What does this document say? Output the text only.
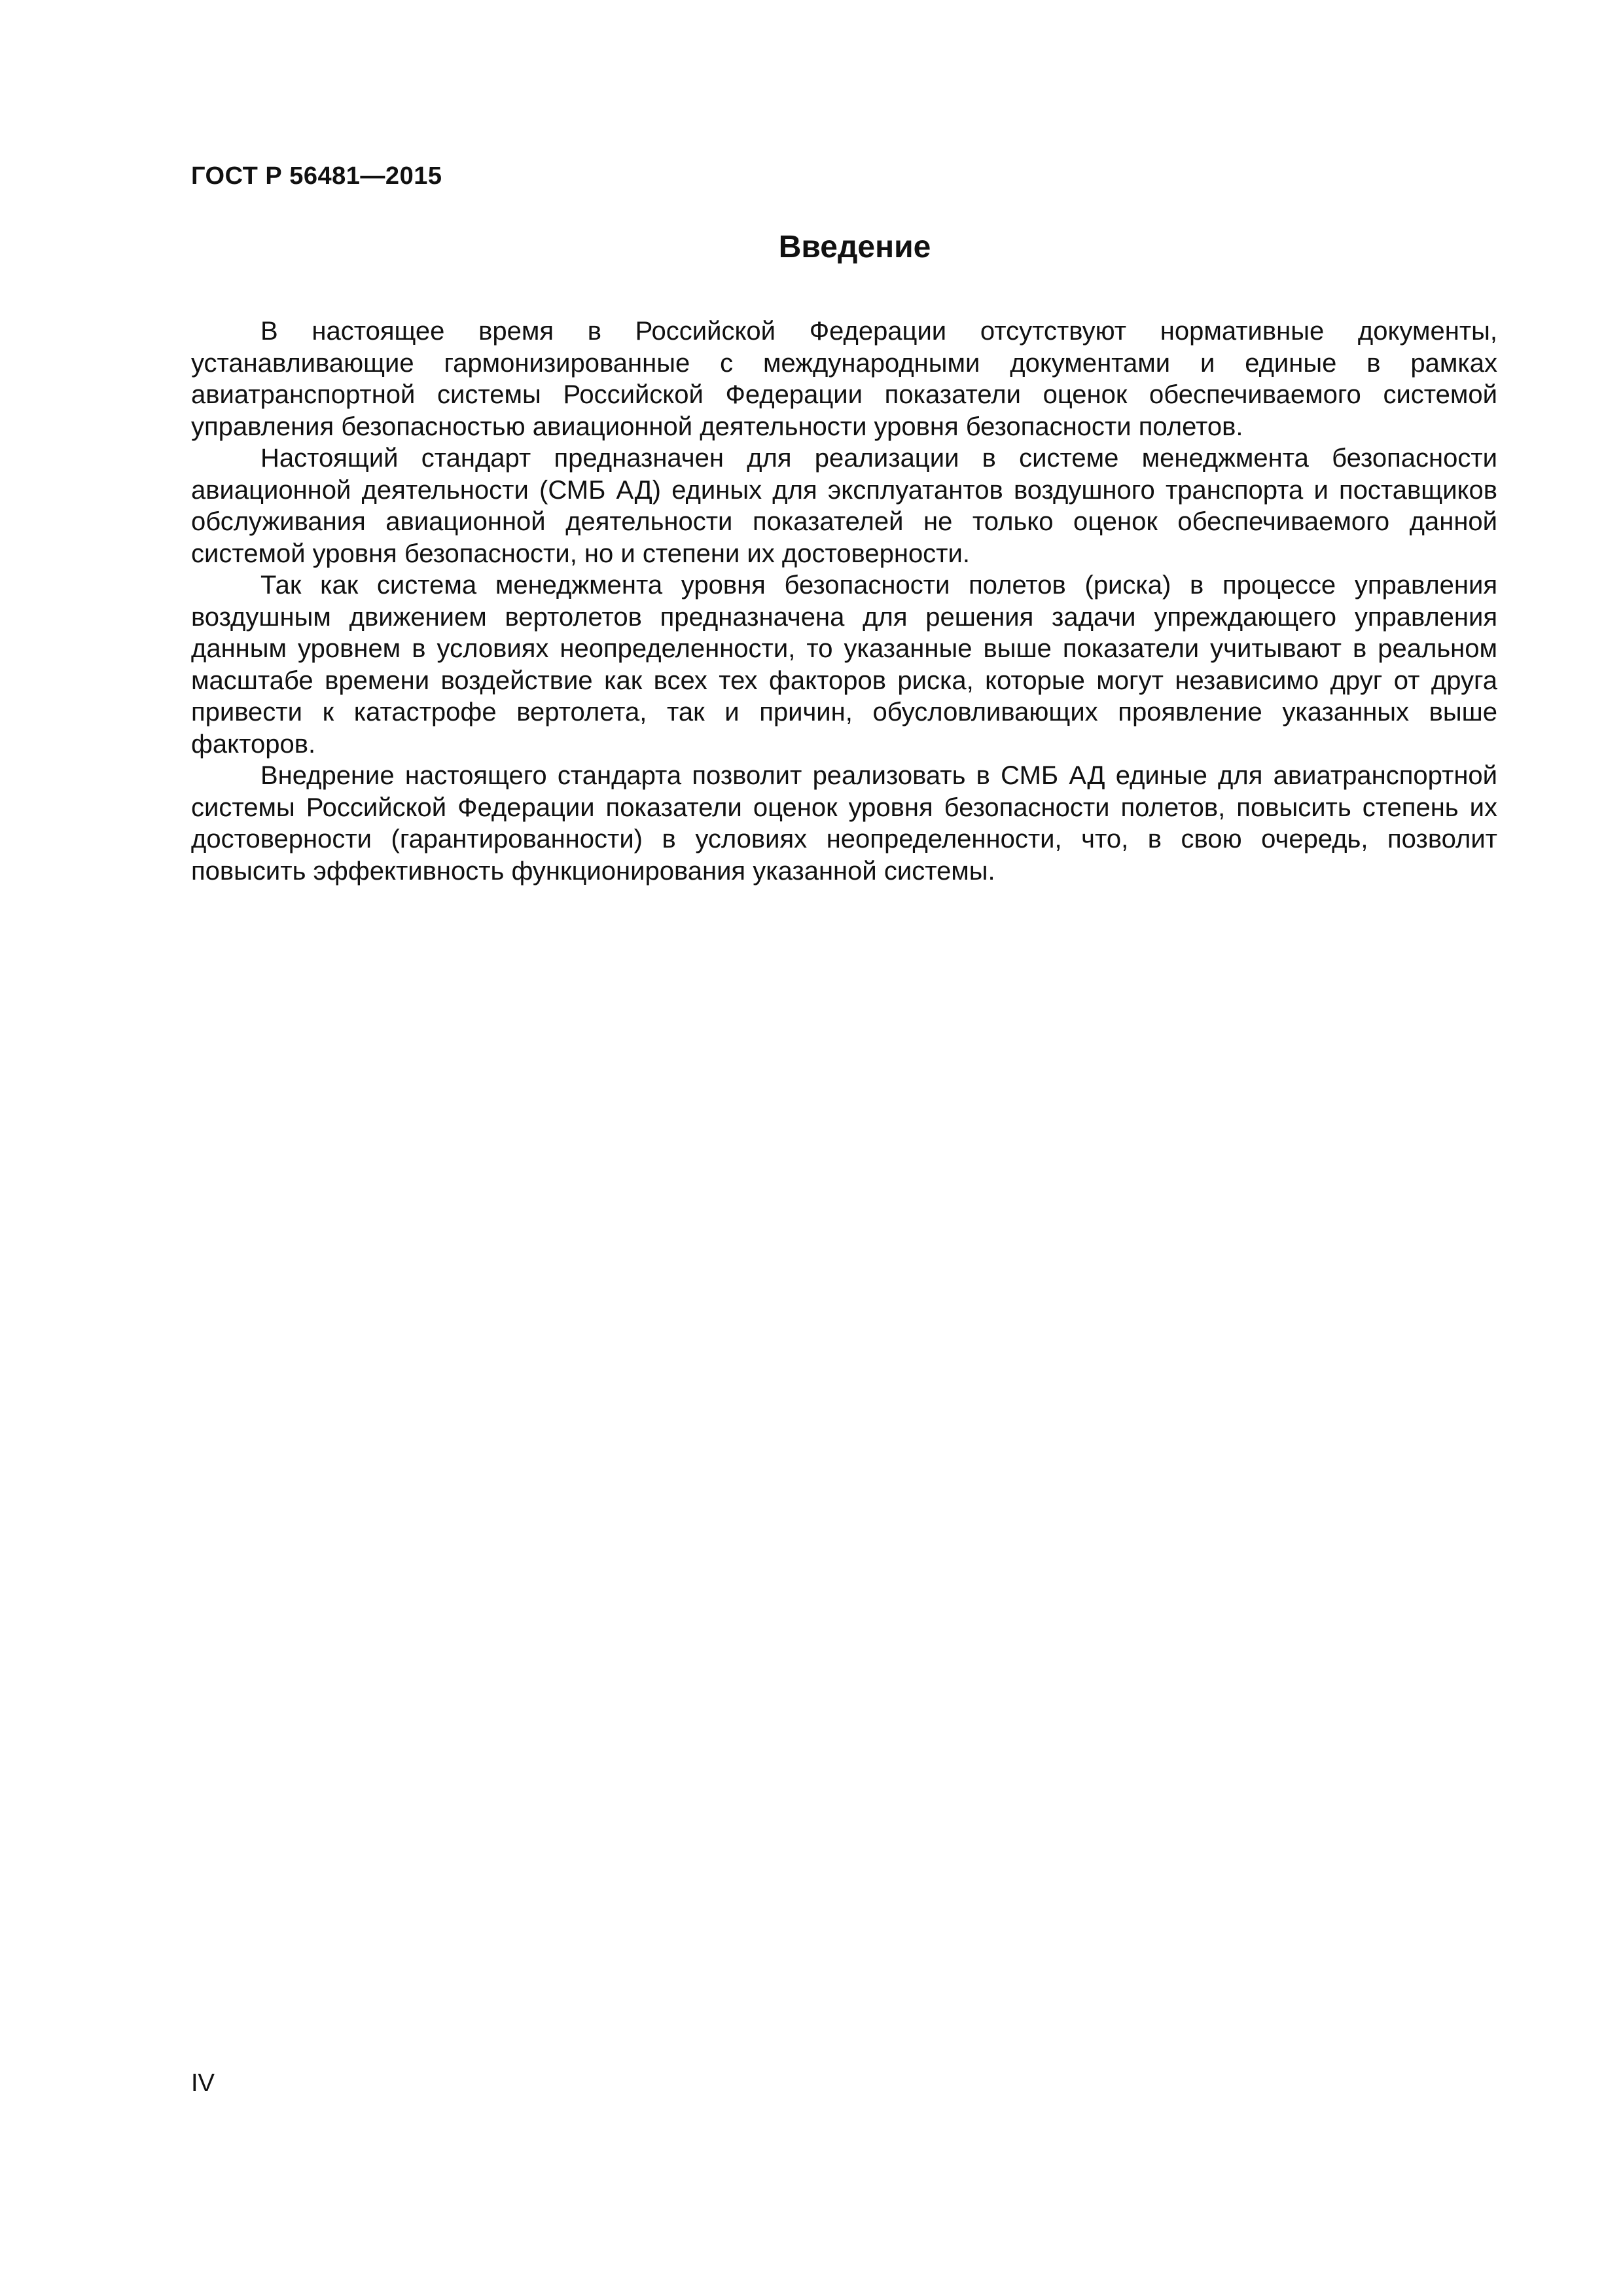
ГОСТ Р 56481—2015
Введение

В настоящее время в Российской Федерации отсутствуют нормативные документы, устанавливающие гармонизированные с международными документами и единые в рамках авиатранспортной системы Российской Федерации показатели оценок обеспечиваемого системой управления безопасностью авиационной деятельности уровня безопасности полетов.

Настоящий стандарт предназначен для реализации в системе менеджмента безопасности авиационной деятельности (СМБ АД) единых для эксплуатантов воздушного транспорта и поставщиков обслуживания авиационной деятельности показателей не только оценок обеспечиваемого данной системой уровня безопасности, но и степени их достоверности.

Так как система менеджмента уровня безопасности полетов (риска) в процессе управления воздушным движением вертолетов предназначена для решения задачи упреждающего управления данным уровнем в условиях неопределенности, то указанные выше показатели учитывают в реальном масштабе времени воздействие как всех тех факторов риска, которые могут независимо друг от друга привести к катастрофе вертолета, так и причин, обусловливающих проявление указанных выше факторов.

Внедрение настоящего стандарта позволит реализовать в СМБ АД единые для авиатранспортной системы Российской Федерации показатели оценок уровня безопасности полетов, повысить степень их достоверности (гарантированности) в условиях неопределенности, что, в свою очередь, позволит повысить эффективность функционирования указанной системы.

IV
